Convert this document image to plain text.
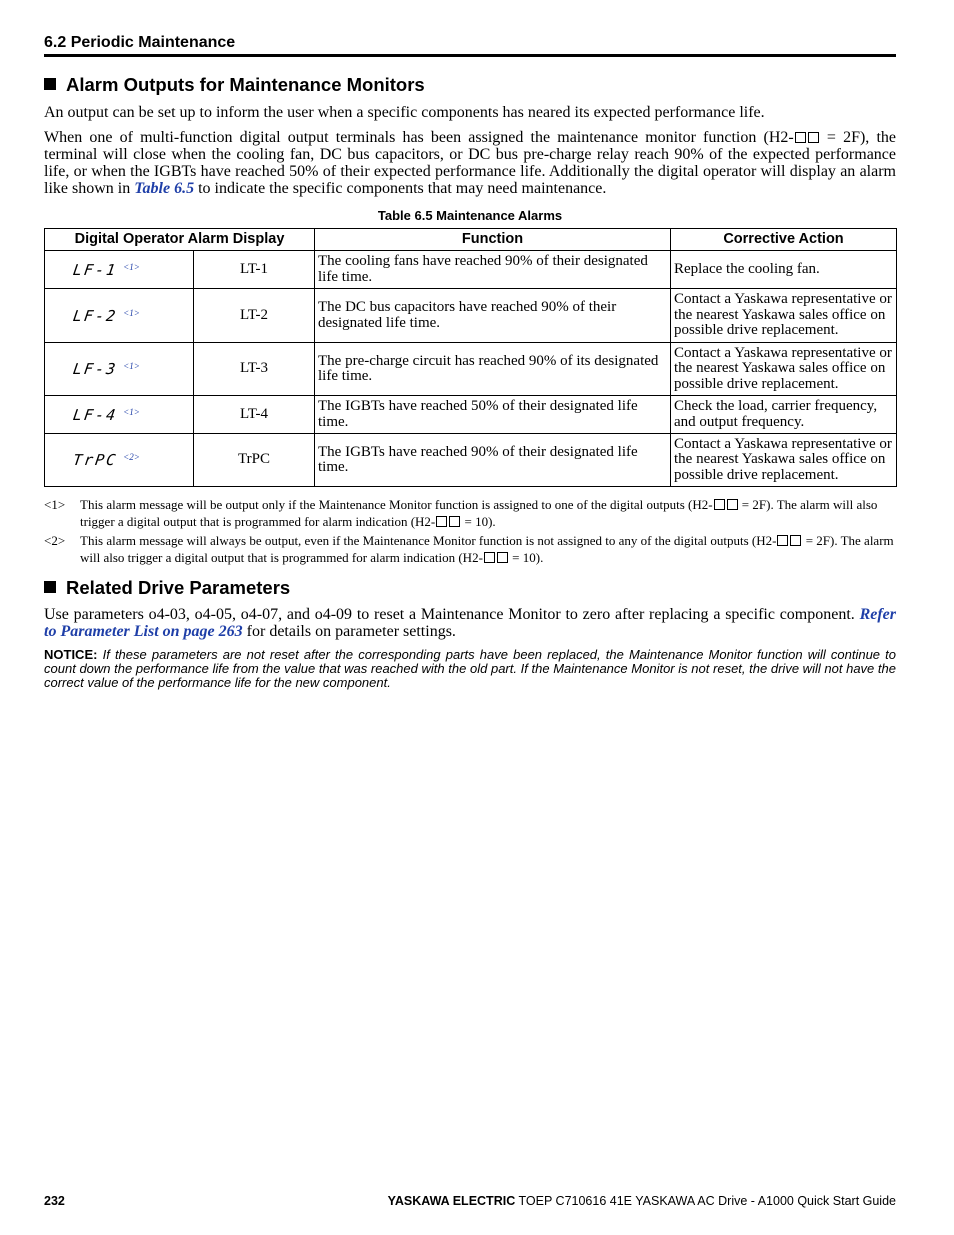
6.2 Periodic Maintenance
Alarm Outputs for Maintenance Monitors
An output can be set up to inform the user when a specific components has neared its expected performance life.
When one of multi-function digital output terminals has been assigned the maintenance monitor function (H2- = 2F), the terminal will close when the cooling fan, DC bus capacitors, or DC bus pre-charge relay reach 90% of the expected performance life, or when the IGBTs have reached 50% of their expected performance life. Additionally the digital operator will display an alarm like shown in Table 6.5 to indicate the specific components that may need maintenance.
Table 6.5 Maintenance Alarms
Digital Operator Alarm Display		Function	Corrective Action
LF-1 $^{<1>}$	LT-1	The cooling fans have reached 90% of their designated life time.	Replace the cooling fan.
LF-2 $^{<1>}$	LT-2	The DC bus capacitors have reached 90% of their designated life time.	Contact a Yaskawa representative or the nearest Yaskawa sales office on possible drive replacement.
LF-3 $^{<1>}$	LT-3	The pre-charge circuit has reached 90% of its designated life time.	Contact a Yaskawa representative or the nearest Yaskawa sales office on possible drive replacement.
LF-4 $^{<1>}$	LT-4	The IGBTs have reached 50% of their designated life time.	Check the load, carrier frequency, and output frequency.
TrPC $^{<2>}$	TrPC	The IGBTs have reached 90% of their designated life time.	Contact a Yaskawa representative or the nearest Yaskawa sales office on possible drive replacement.
<1> This alarm message will be output only if the Maintenance Monitor function is assigned to one of the digital outputs (H2- = 2F). The alarm will also trigger a digital output that is programmed for alarm indication (H2- = 10).
<2> This alarm message will always be output, even if the Maintenance Monitor function is not assigned to any of the digital outputs (H2- = 2F). The alarm will also trigger a digital output that is programmed for alarm indication (H2- = 10).
Related Drive Parameters
Use parameters o4-03, o4-05, o4-07, and o4-09 to reset a Maintenance Monitor to zero after replacing a specific component. Refer to Parameter List on page 263 for details on parameter settings.
NOTICE: If these parameters are not reset after the corresponding parts have been replaced, the Maintenance Monitor function will continue to count down the performance life from the value that was reached with the old part. If the Maintenance Monitor is not reset, the drive will not have the correct value of the performance life for the new component.
232	YASKAWA ELECTRIC TOEP C710616 41E YASKAWA AC Drive - A1000 Quick Start Guide
